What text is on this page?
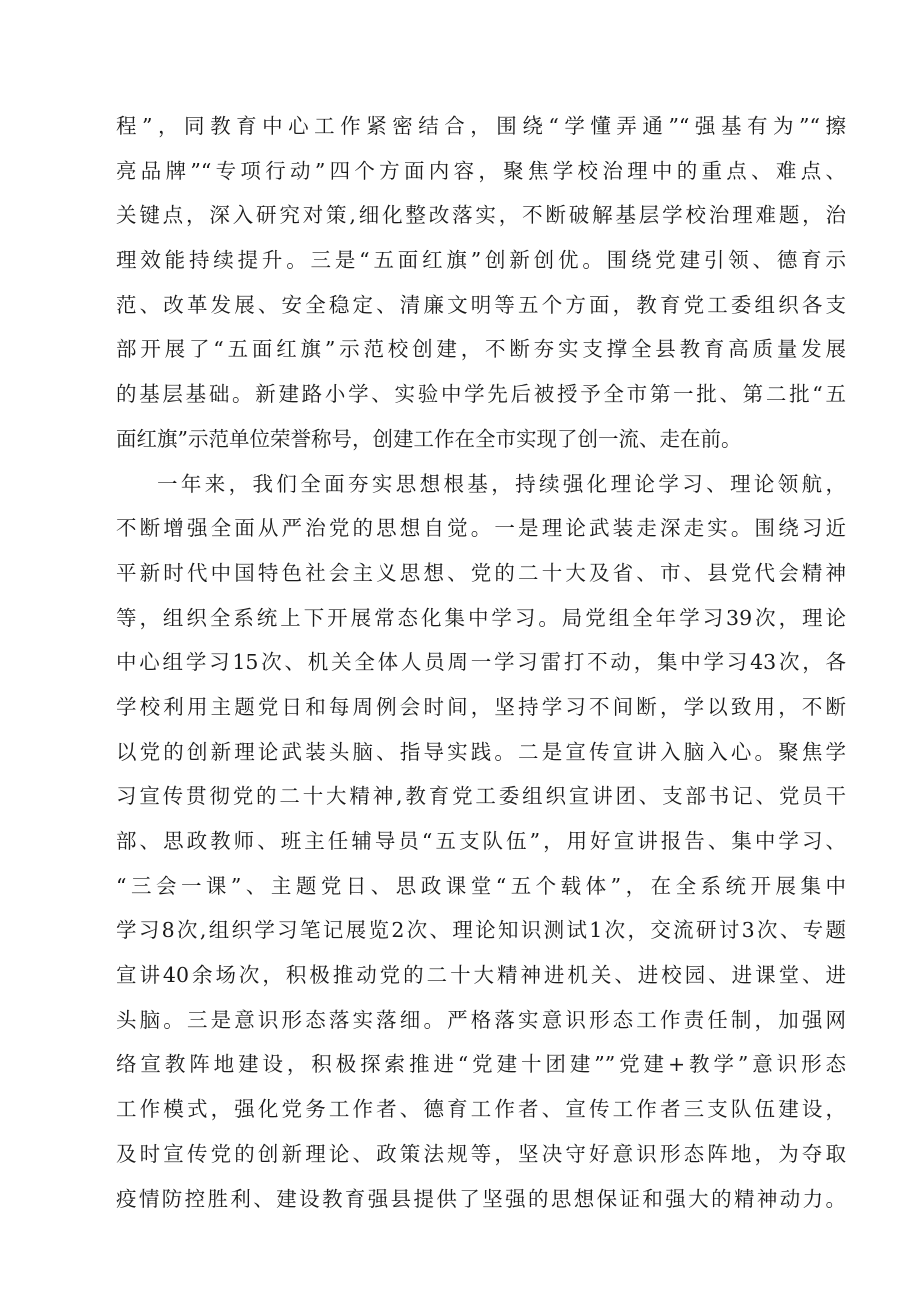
程”，同教育中心工作紧密结合，围绕“学懂弄通”“强基有为”“擦
亮品牌”“专项行动”四个方面内容，聚焦学校治理中的重点、难点、
关键点，深入研究对策,细化整改落实，不断破解基层学校治理难题，治
理效能持续提升。三是“五面红旗”创新创优。围绕党建引领、德育示
范、改革发展、安全稳定、清廉文明等五个方面，教育党工委组织各支
部开展了“五面红旗”示范校创建，不断夯实支撑全县教育高质量发展
的基层基础。新建路小学、实验中学先后被授予全市第一批、第二批“五
面红旗”示范单位荣誉称号，创建工作在全市实现了创一流、走在前。
一年来，我们全面夯实思想根基，持续强化理论学习、理论领航，
不断增强全面从严治党的思想自觉。一是理论武装走深走实。围绕习近
平新时代中国特色社会主义思想、党的二十大及省、市、县党代会精神
等，组织全系统上下开展常态化集中学习。局党组全年学习39次，理论
中心组学习15次、机关全体人员周一学习雷打不动，集中学习43次，各
学校利用主题党日和每周例会时间，坚持学习不间断，学以致用，不断
以党的创新理论武装头脑、指导实践。二是宣传宣讲入脑入心。聚焦学
习宣传贯彻党的二十大精神,教育党工委组织宣讲团、支部书记、党员干
部、思政教师、班主任辅导员“五支队伍”，用好宣讲报告、集中学习、
“三会一课”、主题党日、思政课堂“五个载体”，在全系统开展集中
学习8次,组织学习笔记展览2次、理论知识测试1次，交流研讨3次、专题
宣讲40余场次，积极推动党的二十大精神进机关、进校园、进课堂、进
头脑。三是意识形态落实落细。严格落实意识形态工作责任制，加强网
络宣教阵地建设，积极探索推进“党建十团建””党建+教学”意识形态
工作模式，强化党务工作者、德育工作者、宣传工作者三支队伍建设，
及时宣传党的创新理论、政策法规等，坚决守好意识形态阵地，为夺取
疫情防控胜利、建设教育强县提供了坚强的思想保证和强大的精神动力。
